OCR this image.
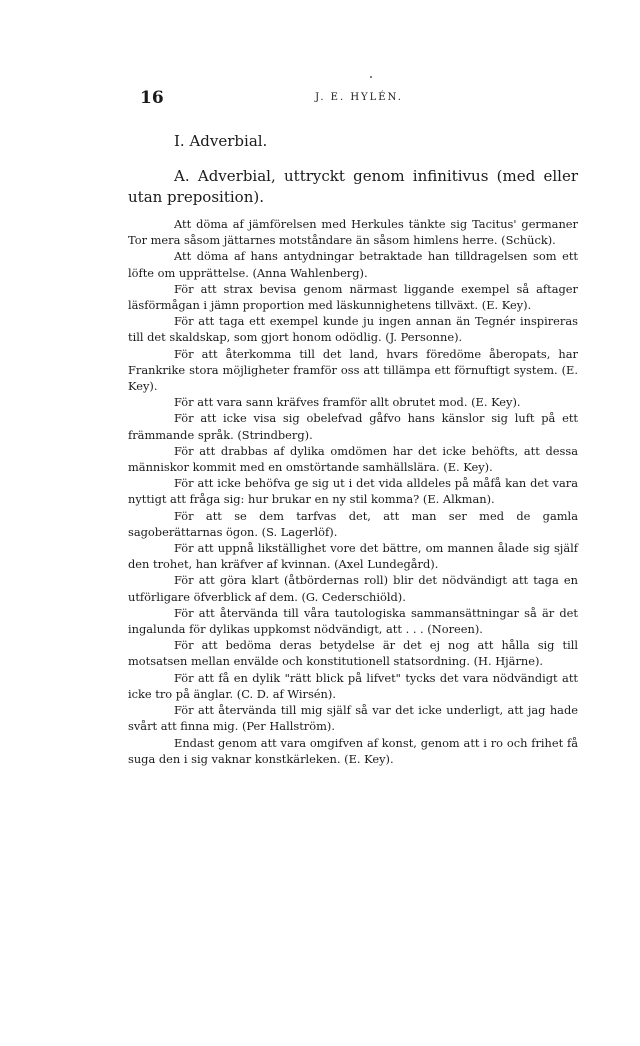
16	J. E. HYLÉN.
I. Adverbial.

A. Adverbial, uttryckt genom infinitivus (med eller utan preposition).

Att döma af jämförelsen med Herkules tänkte sig Tacitus' germaner Tor mera såsom jättarnes motståndare än såsom himlens herre. (Schück).

Att döma af hans antydningar betraktade han tilldragelsen som ett löfte om upprättelse. (Anna Wahlenberg).

För att strax bevisa genom närmast liggande exempel så aftager läsförmågan i jämn proportion med läskunnighetens tillväxt. (E. Key).

För att taga ett exempel kunde ju ingen annan än Tegnér inspireras till det skaldskap, som gjort honom odödlig. (J. Personne).

För att återkomma till det land, hvars föredöme åberopats, har Frankrike stora möjligheter framför oss att tillämpa ett förnuftigt system. (E. Key).

För att vara sann kräfves framför allt obrutet mod. (E. Key).

För att icke visa sig obelefvad gåfvo hans känslor sig luft på ett främmande språk. (Strindberg).

För att drabbas af dylika omdömen har det icke behöfts, att dessa människor kommit med en omstörtande samhällslära. (E. Key).

För att icke behöfva ge sig ut i det vida alldeles på måfå kan det vara nyttigt att fråga sig: hur brukar en ny stil komma? (E. Alkman).

För att se dem tarfvas det, att man ser med de gamla sagoberättarnas ögon. (S. Lagerlöf).

För att uppnå likställighet vore det bättre, om mannen ålade sig själf den trohet, han kräfver af kvinnan. (Axel Lundegård).

För att göra klart (åtbördernas roll) blir det nödvändigt att taga en utförligare öfverblick af dem. (G. Cederschiöld).

För att återvända till våra tautologiska sammansättningar så är det ingalunda för dylikas uppkomst nödvändigt, att . . . (Noreen).

För att bedöma deras betydelse är det ej nog att hålla sig till motsatsen mellan envälde och konstitutionell statsordning. (H. Hjärne).

För att få en dylik "rätt blick på lifvet" tycks det vara nödvändigt att icke tro på änglar. (C. D. af Wirsén).

För att återvända till mig själf så var det icke underligt, att jag hade svårt att finna mig. (Per Hallström).

Endast genom att vara omgifven af konst, genom att i ro och frihet få suga den i sig vaknar konstkärleken. (E. Key).
